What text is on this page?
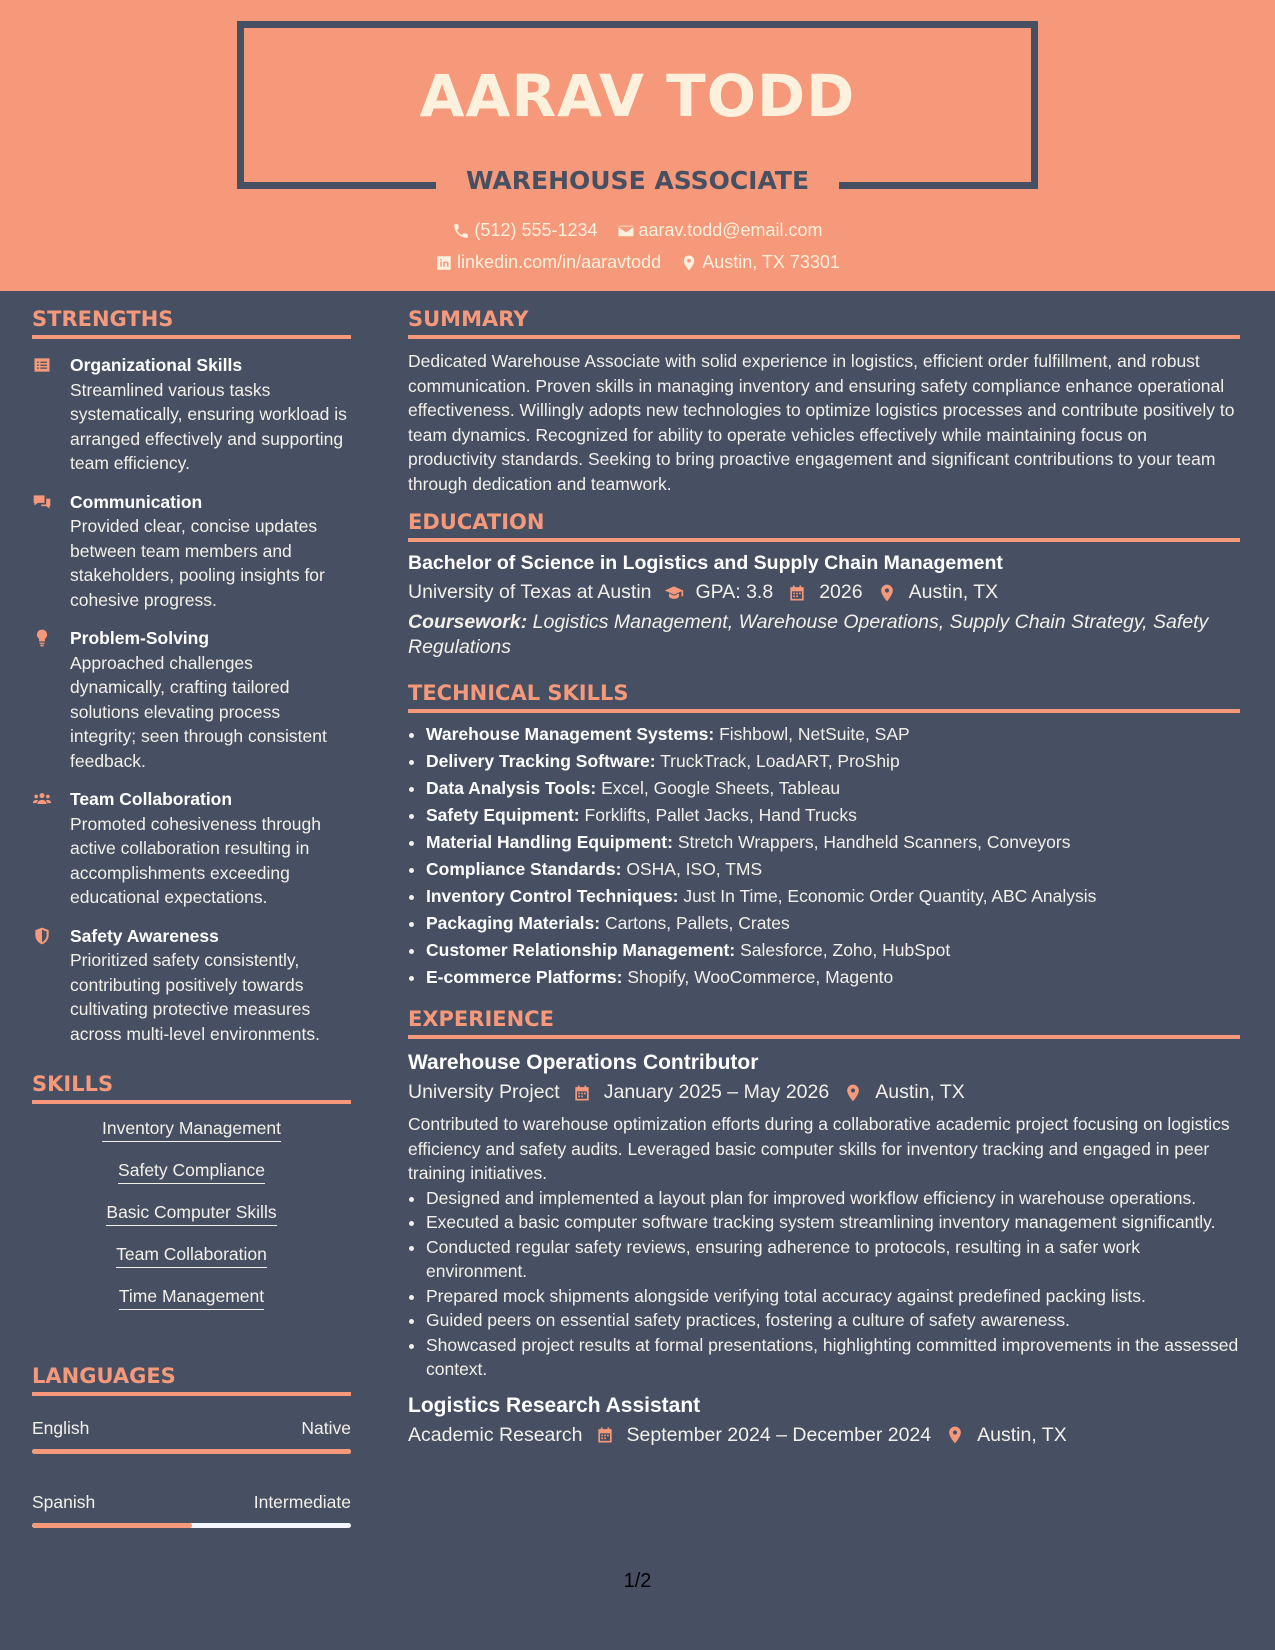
AARAV TODD
WAREHOUSE ASSOCIATE
(512) 555-1234
aarav.todd@email.com
linkedin.com/in/aaravtodd
Austin, TX 73301
STRENGTHS
Organizational Skills
Streamlined various tasks systematically, ensuring workload is arranged effectively and supporting team efficiency.
Communication
Provided clear, concise updates between team members and stakeholders, pooling insights for cohesive progress.
Problem-Solving
Approached challenges dynamically, crafting tailored solutions elevating process integrity; seen through consistent feedback.
Team Collaboration
Promoted cohesiveness through active collaboration resulting in accomplishments exceeding educational expectations.
Safety Awareness
Prioritized safety consistently, contributing positively towards cultivating protective measures across multi-level environments.
SKILLS
Inventory Management
Safety Compliance
Basic Computer Skills
Team Collaboration
Time Management
LANGUAGES
English	Native
Spanish	Intermediate
SUMMARY

Dedicated Warehouse Associate with solid experience in logistics, efficient order fulfillment, and robust communication. Proven skills in managing inventory and ensuring safety compliance enhance operational effectiveness. Willingly adopts new technologies to optimize logistics processes and contribute positively to team dynamics. Recognized for ability to operate vehicles effectively while maintaining focus on productivity standards. Seeking to bring proactive engagement and significant contributions to your team through dedication and teamwork.

EDUCATION
Bachelor of Science in Logistics and Supply Chain Management
University of Texas at Austin GPA: 3.8 2026 Austin, TX
Coursework: Logistics Management, Warehouse Operations, Supply Chain Strategy, Safety Regulations
TECHNICAL SKILLS
• Warehouse Management Systems: Fishbowl, NetSuite, SAP
• Delivery Tracking Software: TruckTrack, LoadART, ProShip
• Data Analysis Tools: Excel, Google Sheets, Tableau
• Safety Equipment: Forklifts, Pallet Jacks, Hand Trucks
• Material Handling Equipment: Stretch Wrappers, Handheld Scanners, Conveyors
• Compliance Standards: OSHA, ISO, TMS
• Inventory Control Techniques: Just In Time, Economic Order Quantity, ABC Analysis
• Packaging Materials: Cartons, Pallets, Crates
• Customer Relationship Management: Salesforce, Zoho, HubSpot
• E-commerce Platforms: Shopify, WooCommerce, Magento
EXPERIENCE
Warehouse Operations Contributor
University Project January 2025 – May 2026 Austin, TX

Contributed to warehouse optimization efforts during a collaborative academic project focusing on logistics efficiency and safety audits. Leveraged basic computer skills for inventory tracking and engaged in peer training initiatives.

• Designed and implemented a layout plan for improved workflow efficiency in warehouse operations.
• Executed a basic computer software tracking system streamlining inventory management significantly.
• Conducted regular safety reviews, ensuring adherence to protocols, resulting in a safer work environment.
• Prepared mock shipments alongside verifying total accuracy against predefined packing lists.
• Guided peers on essential safety practices, fostering a culture of safety awareness.
• Showcased project results at formal presentations, highlighting committed improvements in the assessed context.
Logistics Research Assistant
Academic Research September 2024 – December 2024 Austin, TX
1/2
